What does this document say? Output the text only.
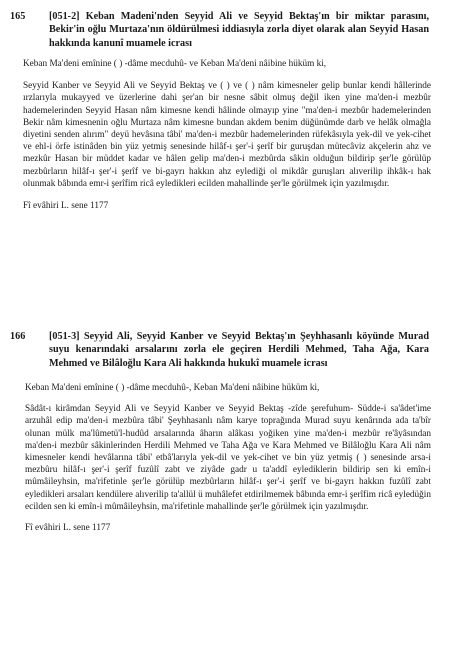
165 [051-2] Keban Madeni'nden Seyyid Ali ve Seyyid Bektaş'ın bir miktar parasını, Bekir'in oğlu Murtaza'nın öldürülmesi iddiasıyla zorla diyet olarak alan Seyyid Hasan hakkında kanunî muamele icrası

Keban Ma'deni emînine ( ) -dâme mecduhû- ve Keban Ma'deni nâibine hüküm ki,

Seyyid Kanber ve Seyyid Ali ve Seyyid Bektaş ve ( ) ve ( ) nâm kimesneler gelip bunlar kendi hâllerinde ırzlarıyla mukayyed ve üzerlerine dahi şer'an bir nesne sâbit olmuş değil iken yine ma'den-i mezbûr hademelerinden Seyyid Hasan nâm kimesne kendi hâlinde olmayıp yine "ma'den-i mezbûr hademelerinden Bekir nâm kimesnenin oğlu Murtaza nâm kimesne bundan akdem benim düğünümde darb ve helâk olmağla diyetini senden alırım" deyü hevâsına tâbi' ma'den-i mezbûr hademelerinden rüfekâsıyla yek-dil ve yek-cihet ve ehl-i örfe istinâden bin yüz yetmiş senesinde hilâf-ı şer'-i şerîf bir guruşdan mütecâviz akçelerin ahz ve mezkûr Hasan bir müddet kadar ve hâlen gelip ma'den-i mezbûrda sâkin olduğun bildirip şer'le görülüp mezbûrların hilâf-ı şer'-i şerîf ve bi-gayrı hakkın ahz eylediği ol mikdâr guruşları alıverilip ihkâk-ı hak olunmak bâbında emr-i şerîfim ricâ eyledikleri ecilden mahallinde şer'le görülmek için yazılmışdır.

Fî evâhiri L. sene 1177

166 [051-3] Seyyid Ali, Seyyid Kanber ve Seyyid Bektaş'ın Şeyhhasanlı köyünde Murad suyu kenarındaki arsalarını zorla ele geçiren Herdili Mehmed, Taha Ağa, Kara Mehmed ve Bilâloğlu Kara Ali hakkında hukukî muamele icrası

Keban Ma'deni emînine ( ) -dâme mecduhû-, Keban Ma'deni nâibine hüküm ki,

Sâdât-ı kirâmdan Seyyid Ali ve Seyyid Kanber ve Seyyid Bektaş -zîde şerefuhum- Südde-i sa'âdet'ime arzuhâl edip ma'den-i mezbûra tâbi' Şeyhhasanlı nâm karye toprağında Murad suyu kenârında ada ta'bîr olunan mülk ma'lûmetü'l-hudûd arsalarında âharın alâkası yoğiken yine ma'den-i mezbûr re'âyâsından ma'den-i mezbûr sâkinlerinden Herdili Mehmed ve Taha Ağa ve Kara Mehmed ve Bilâloğlu Kara Ali nâm kimesneler kendi hevâlarına tâbi' etbâ'larıyla yek-dil ve yek-cihet ve bin yüz yetmiş ( ) senesinde arsa-i mezbûru hilâf-ı şer'-i şerîf fuzûlî zabt ve ziyâde gadr u ta'addî eylediklerin bildirip sen ki emîn-i mûmâileyhsin, ma'rifetinle şer'le görülüp mezbûrların hilâf-ı şer'-i şerîf ve bi-gayrı hakkın fuzûlî zabt eyledikleri arsaları kendülere alıverilip ta'allül ü muhâlefet etdirilmemek bâbında emr-i şerîfim ricâ eyledüğin ecilden sen ki emîn-i mûmâileyhsin, ma'rifetinle mahallinde şer'le görülmek için yazılmışdır.

Fî evâhiri L. sene 1177
